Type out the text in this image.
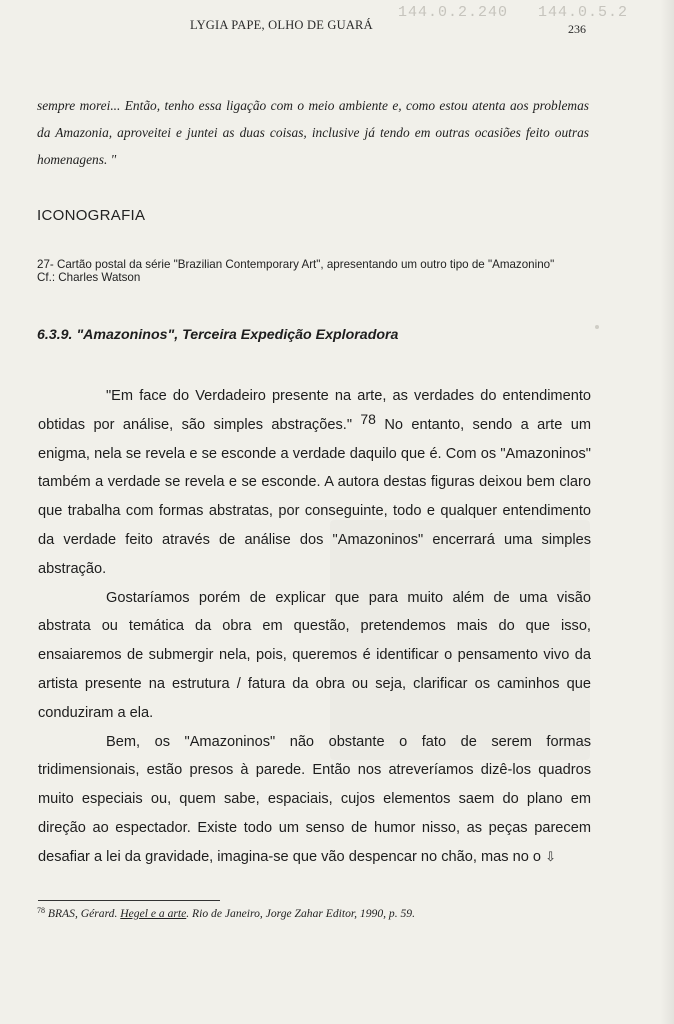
144.0.2.240 144.0.5.2
LYGIA PAPE, OLHO DE GUARÁ	236

sempre morei... Então, tenho essa ligação com o meio ambiente e, como estou atenta aos problemas da Amazonia, aproveitei e juntei as duas coisas, inclusive já tendo em outras ocasiões feito outras homenagens. "

ICONOGRAFIA
27- Cartão postal da série "Brazilian Contemporary Art", apresentando um outro tipo de "Amazonino"
Cf.: Charles Watson
6.3.9. "Amazoninos", Terceira Expedição Exploradora

"Em face do Verdadeiro presente na arte, as verdades do entendimento obtidas por análise, são simples abstrações." $^{78}$ No entanto, sendo a arte um enigma, nela se revela e se esconde a verdade daquilo que é. Com os "Amazoninos" também a verdade se revela e se esconde. A autora destas figuras deixou bem claro que trabalha com formas abstratas, por conseguinte, todo e qualquer entendimento da verdade feito através de análise dos "Amazoninos" encerrará uma simples abstração.

Gostaríamos porém de explicar que para muito além de uma visão abstrata ou temática da obra em questão, pretendemos mais do que isso, ensaiaremos de submergir nela, pois, queremos é identificar o pensamento vivo da artista presente na estrutura / fatura da obra ou seja, clarificar os caminhos que conduziram a ela.

Bem, os "Amazoninos" não obstante o fato de serem formas tridimensionais, estão presos à parede. Então nos atreveríamos dizê-los quadros muito especiais ou, quem sabe, espaciais, cujos elementos saem do plano em direção ao espectador. Existe todo um senso de humor nisso, as peças parecem desafiar a lei da gravidade, imagina-se que vão despencar no chão, mas no o ⇩

$^{78}$ BRAS, Gérard. Hegel e a arte. Rio de Janeiro, Jorge Zahar Editor, 1990, p. 59.
